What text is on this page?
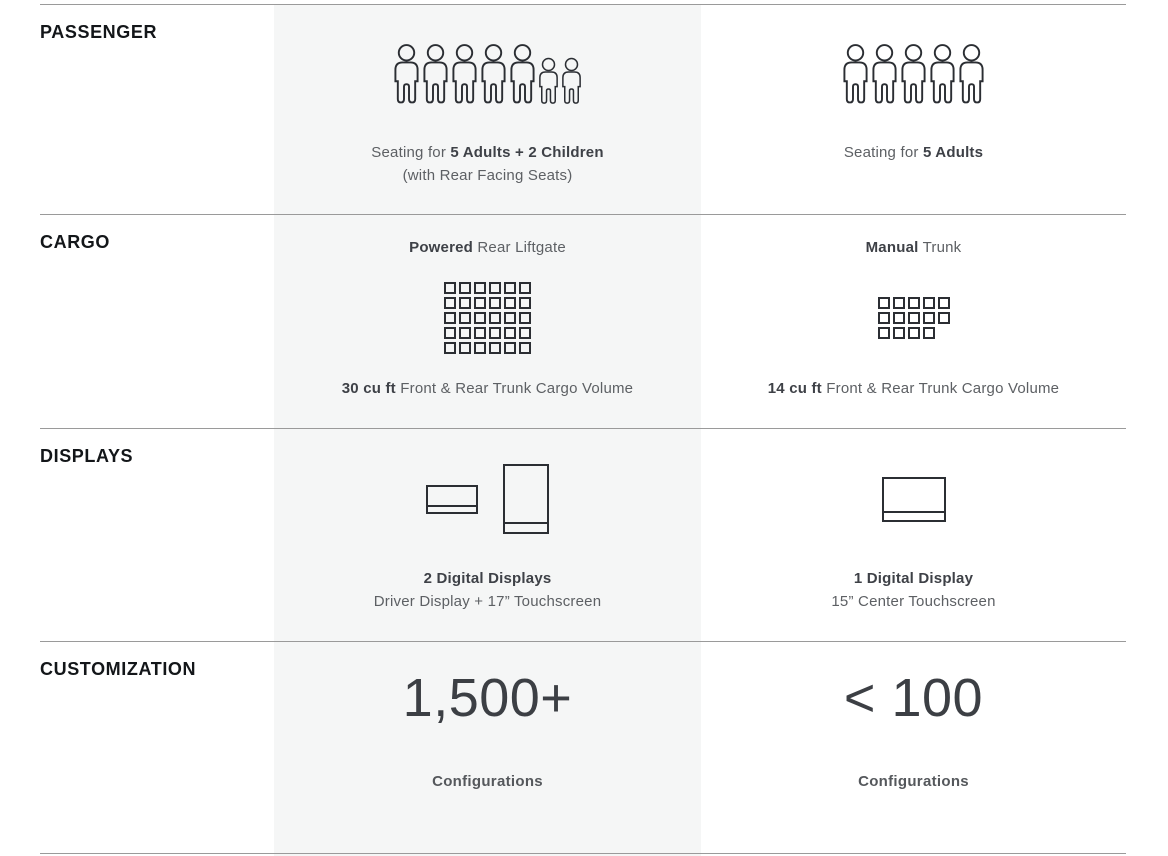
PASSENGER

Seating for 5 Adults + 2 Children
(with Rear Facing Seats)

Seating for 5 Adults

CARGO	Powered Rear Liftgate

30 cu ft Front & Rear Trunk Cargo Volume

Manual Trunk

14 cu ft Front & Rear Trunk Cargo Volume

DISPLAYS

2 Digital Displays
Driver Display + 17” Touchscreen

1 Digital Display
15” Center Touchscreen

CUSTOMIZATION	1,500+
Configurations
< 100
Configurations
